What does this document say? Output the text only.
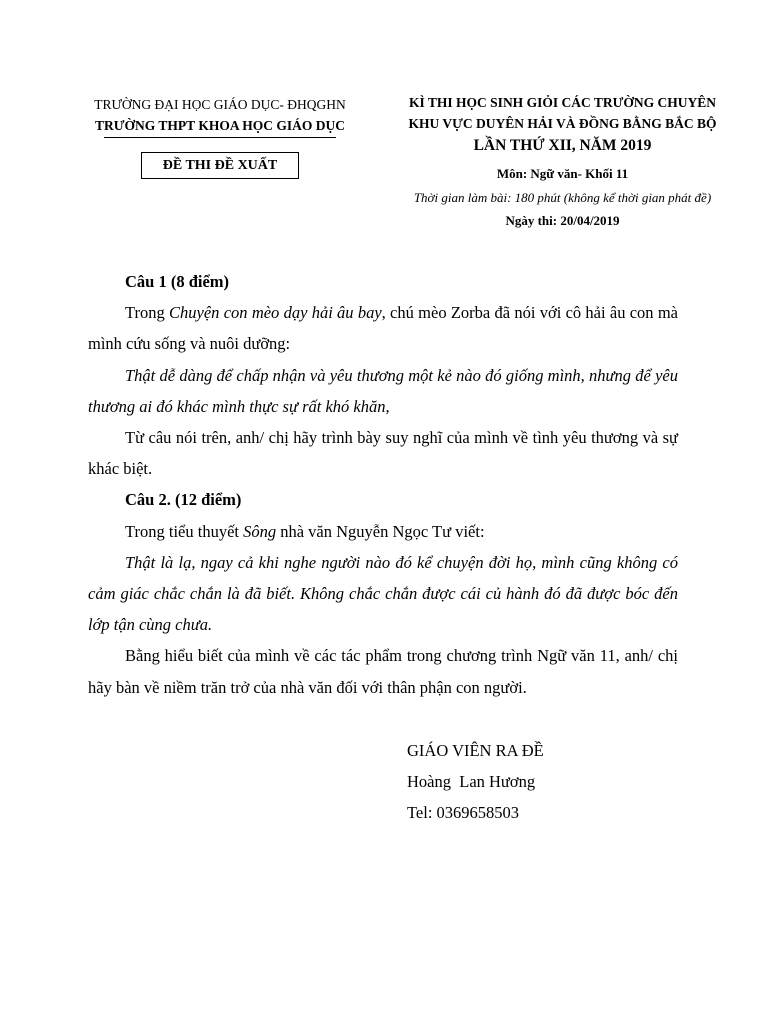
TRƯỜNG ĐẠI HỌC GIÁO DỤC- ĐHQGHN
TRƯỜNG THPT KHOA HỌC GIÁO DỤC
ĐỀ THI ĐỀ XUẤT
KÌ THI HỌC SINH GIỎI CÁC TRƯỜNG CHUYÊN
KHU VỰC DUYÊN HẢI VÀ ĐỒNG BẰNG BẮC BỘ
LẦN THỨ XII, NĂM 2019
Môn: Ngữ văn- Khối 11
Thời gian làm bài: 180 phút (không kể thời gian phát đề)
Ngày thi: 20/04/2019

Câu 1 (8 điểm)

Trong Chuyện con mèo dạy hải âu bay, chú mèo Zorba đã nói với cô hải âu con mà mình cứu sống và nuôi dưỡng:

Thật dễ dàng để chấp nhận và yêu thương một kẻ nào đó giống mình, nhưng để yêu thương ai đó khác mình thực sự rất khó khăn,

Từ câu nói trên, anh/ chị hãy trình bày suy nghĩ của mình về tình yêu thương và sự khác biệt.

Câu 2. (12 điểm)

Trong tiểu thuyết Sông nhà văn Nguyễn Ngọc Tư viết:

Thật là lạ, ngay cả khi nghe người nào đó kể chuyện đời họ, mình cũng không có cảm giác chắc chắn là đã biết. Không chắc chắn được cái củ hành đó đã được bóc đến lớp tận cùng chưa.

Bằng hiểu biết của mình về các tác phẩm trong chương trình Ngữ văn 11, anh/ chị hãy bàn về niềm trăn trở của nhà văn đối với thân phận con người.

GIÁO VIÊN RA ĐỀ
Hoàng  Lan Hương
Tel: 0369658503
